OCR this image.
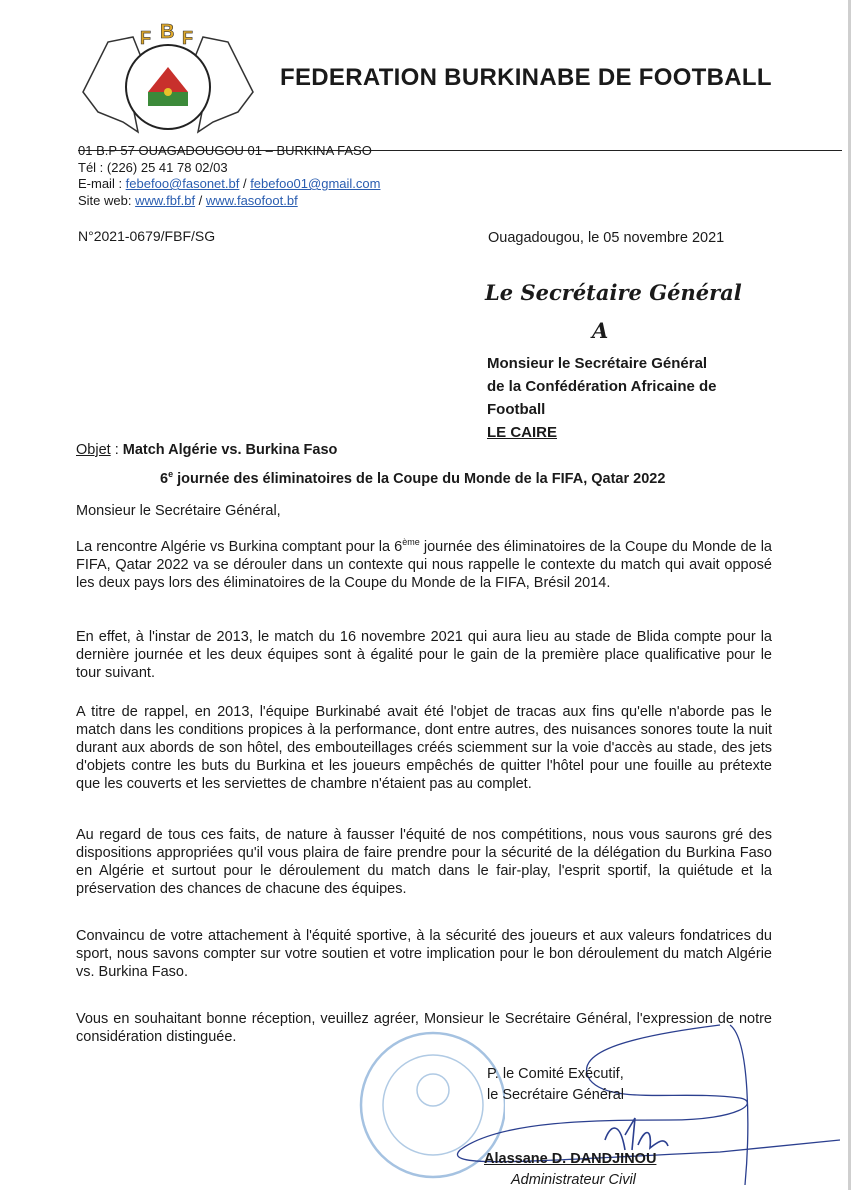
F B F
FEDERATION BURKINABE DE FOOTBALL
01 B.P 57 OUAGADOUGOU 01 – BURKINA FASO
Tél : (226) 25 41 78 02/03
E-mail : febefoo@fasonet.bf / febefoo01@gmail.com
Site web: www.fbf.bf / www.fasofoot.bf
N°2021-0679/FBF/SG	Ouagadougou, le 05 novembre 2021
Le Secrétaire Général
A
Monsieur le Secrétaire Général
de la Confédération Africaine de
Football
LE CAIRE
Objet : Match Algérie vs. Burkina Faso
6e journée des éliminatoires de la Coupe du Monde de la FIFA, Qatar 2022
Monsieur le Secrétaire Général,
La rencontre Algérie vs Burkina comptant pour la 6ème journée des éliminatoires de la Coupe du Monde de la FIFA, Qatar 2022 va se dérouler dans un contexte qui nous rappelle le contexte du match qui avait opposé les deux pays lors des éliminatoires de la Coupe du Monde de la FIFA, Brésil 2014.
En effet, à l'instar de 2013, le match du 16 novembre 2021 qui aura lieu au stade de Blida compte pour la dernière journée et les deux équipes sont à égalité pour le gain de la première place qualificative pour le tour suivant.
A titre de rappel, en 2013, l'équipe Burkinabé avait été l'objet de tracas aux fins qu'elle n'aborde pas le match dans les conditions propices à la performance, dont entre autres, des nuisances sonores toute la nuit durant aux abords de son hôtel, des embouteillages créés sciemment sur la voie d'accès au stade, des jets d'objets contre les buts du Burkina et les joueurs empêchés de quitter l'hôtel pour une fouille au prétexte que les couverts et les serviettes de chambre n'étaient pas au complet.
Au regard de tous ces faits, de nature à fausser l'équité de nos compétitions, nous vous saurons gré des dispositions appropriées qu'il vous plaira de faire prendre pour la sécurité de la délégation du Burkina Faso en Algérie et surtout pour le déroulement du match dans le fair-play, l'esprit sportif, la quiétude et la préservation des chances de chacune des équipes.
Convaincu de votre attachement à l'équité sportive, à la sécurité des joueurs et aux valeurs fondatrices du sport, nous savons compter sur votre soutien et votre implication pour le bon déroulement du match Algérie vs. Burkina Faso.
Vous en souhaitant bonne réception, veuillez agréer, Monsieur le Secrétaire Général, l'expression de notre considération distinguée.
P. le Comité Exécutif,
le Secrétaire Général
Alassane D. DANDJINOU
Administrateur Civil
